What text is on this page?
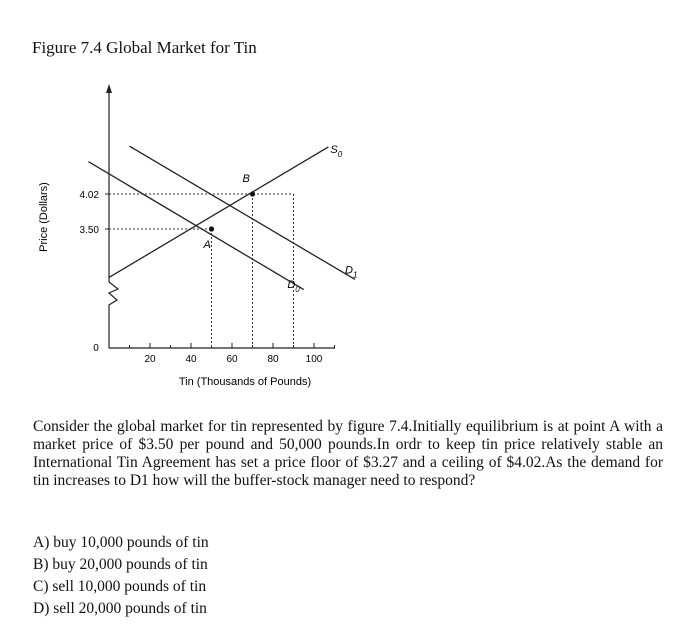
Figure 7.4 Global Market for Tin
Price (Dollars)
Tin (Thousands of Pounds)
0
20	40	60	80	100
4.02
3.50
$S_0$
$D_0$
$D_1$
A
B
Consider the global market for tin represented by figure 7.4.Initially equilibrium is at point A with a market price of $3.50 per pound and 50,000 pounds.In ordr to keep tin price relatively stable an International Tin Agreement has set a price floor of $3.27 and a ceiling of $4.02.As the demand for tin increases to D1 how will the buffer-stock manager need to respond?
A) buy 10,000 pounds of tin
B) buy 20,000 pounds of tin
C) sell 10,000 pounds of tin
D) sell 20,000 pounds of tin
